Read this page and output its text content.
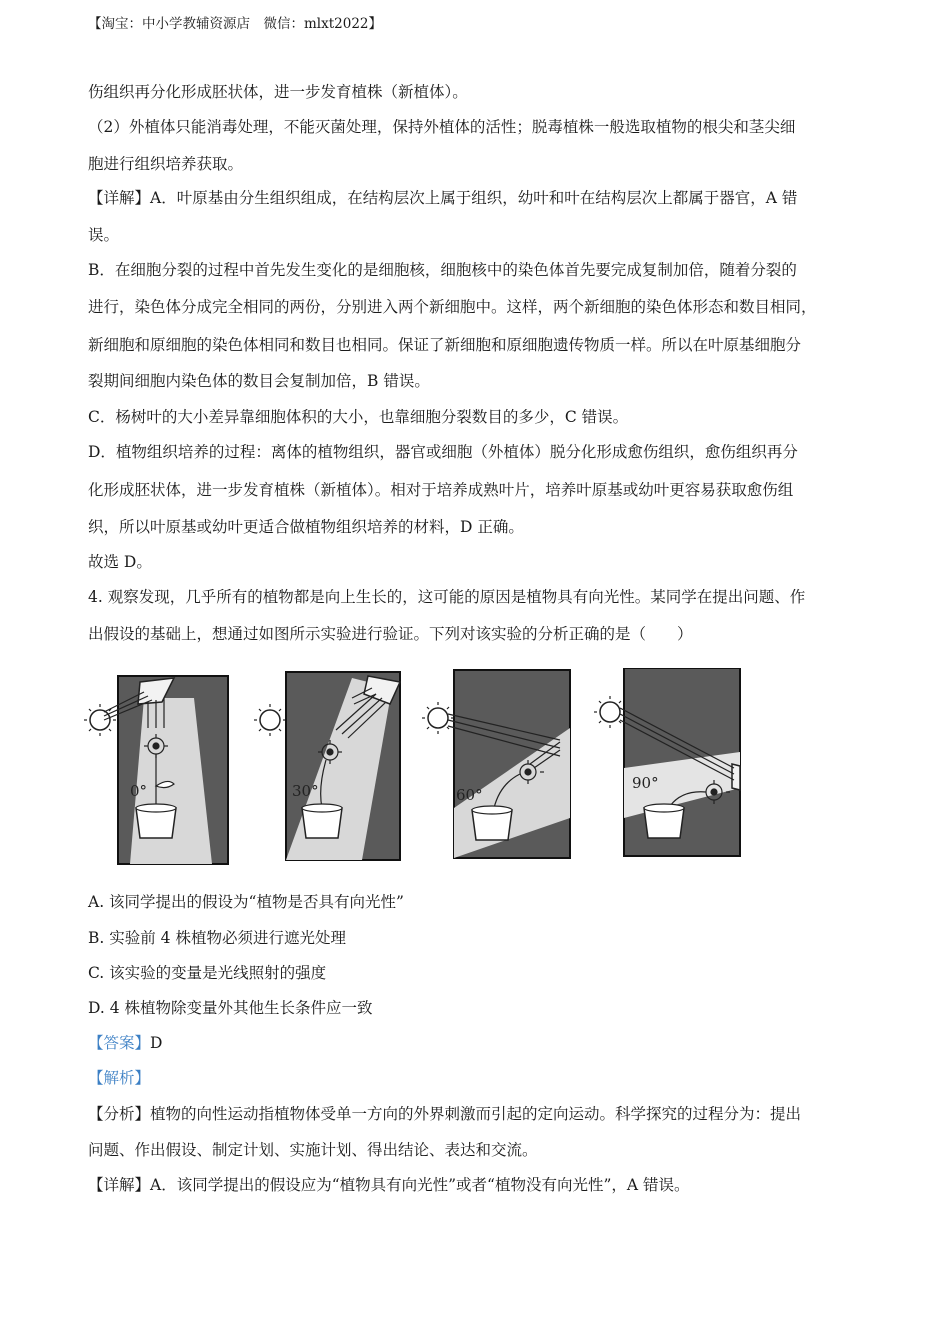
【淘宝：中小学教辅资源店　微信：mlxt2022】
伤组织再分化形成胚状体，进一步发育植株（新植体）。
（2）外植体只能消毒处理，不能灭菌处理，保持外植体的活性；脱毒植株一般选取植物的根尖和茎尖细
胞进行组织培养获取。
【详解】A．叶原基由分生组织组成，在结构层次上属于组织，幼叶和叶在结构层次上都属于器官，A 错
误。
B．在细胞分裂的过程中首先发生变化的是细胞核，细胞核中的染色体首先要完成复制加倍，随着分裂的
进行，染色体分成完全相同的两份，分别进入两个新细胞中。这样，两个新细胞的染色体形态和数目相同，
新细胞和原细胞的染色体相同和数目也相同。保证了新细胞和原细胞遗传物质一样。所以在叶原基细胞分
裂期间细胞内染色体的数目会复制加倍，B 错误。
C．杨树叶的大小差异靠细胞体积的大小，也靠细胞分裂数目的多少，C 错误。
D．植物组织培养的过程：离体的植物组织，器官或细胞（外植体）脱分化形成愈伤组织，愈伤组织再分
化形成胚状体，进一步发育植株（新植体）。相对于培养成熟叶片，培养叶原基或幼叶更容易获取愈伤组
织，所以叶原基或幼叶更适合做植物组织培养的材料，D 正确。
故选 D。
4. 观察发现，几乎所有的植物都是向上生长的，这可能的原因是植物具有向光性。某同学在提出问题、作
出假设的基础上，想通过如图所示实验进行验证。下列对该实验的分析正确的是（　　）
0°	30°	60°
90°
A. 该同学提出的假设为“植物是否具有向光性”
B. 实验前 4 株植物必须进行遮光处理
C. 该实验的变量是光线照射的强度
D. 4 株植物除变量外其他生长条件应一致
【答案】D
【解析】
【分析】植物的向性运动指植物体受单一方向的外界刺激而引起的定向运动。科学探究的过程分为：提出
问题、作出假设、制定计划、实施计划、得出结论、表达和交流。
【详解】A．该同学提出的假设应为“植物具有向光性”或者“植物没有向光性”，A 错误。
